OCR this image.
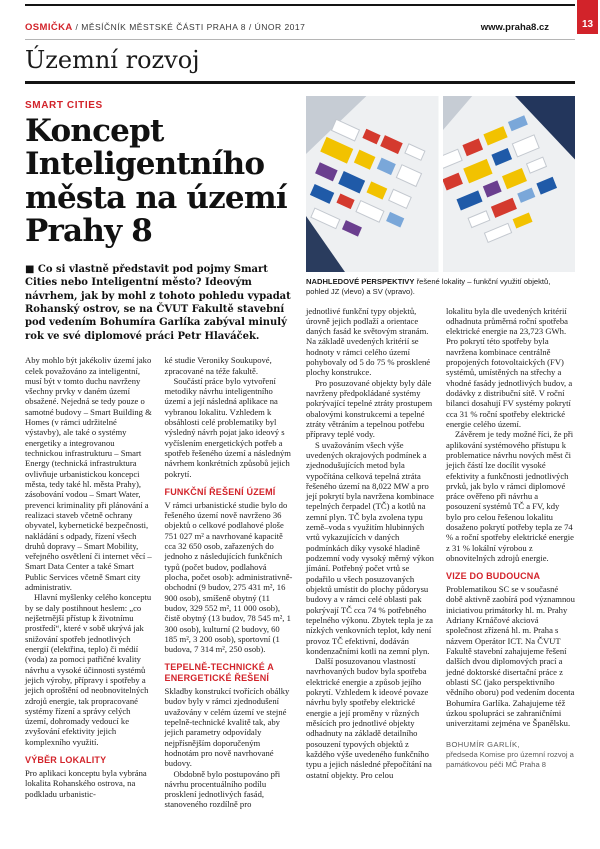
13
OSMIČKA / MĚSÍČNÍK MĚSTSKÉ ČÁSTI PRAHA 8 / ÚNOR 2017	www.praha8.cz
Územní rozvoj
SMART CITIES
Koncept Inteligentního města na území Prahy 8

■ Co si vlastně představit pod pojmy Smart Cities nebo Inteligentní město? Ideovým návrhem, jak by mohl z tohoto pohledu vypadat Rohanský ostrov, se na ČVUT Fakultě stavební pod vedením Bohumíra Garlíka zabýval minulý rok ve své diplomové práci Petr Hlaváček.

Aby mohlo být jakékoliv území jako celek považováno za inteligentní, musí být v tomto duchu navrženy všechny prvky v daném území obsažené. Nejedná se tedy pouze o samotné budovy – Smart Building & Homes (v rámci udržitelné výstavby), ale také o systémy energetiky a integrovanou technickou infrastrukturu – Smart Energy (technická infrastruktura ovlivňuje urbanistickou koncepci města, tedy také hl. města Prahy), zásobování vodou – Smart Water, prevenci kriminality při plánování a realizaci staveb včetně ochrany obyvatel, kybernetické bezpečnosti, nakládání s odpady, řízení všech druhů dopravy – Smart Mobility, veřejného osvětlení či internet věcí – Smart Data Center a také Smart Public Services včetně Smart city administrativ.

Hlavní myšlenky celého konceptu by se daly postihnout heslem: „co nejšetrnější přístup k životnímu prostředí“, které v sobě ukrývá jak snižování spotřeb jednotlivých energií (elektřina, teplo) či médií (voda) za pomoci patřičné kvality návrhu a vysoké účinnosti systémů jejich výroby, přípravy i spotřeby a jejich oproštění od neobnovitelných zdrojů energie, tak propracované systémy řízení a správy celých území, dohromady vedoucí ke zvyšování efektivity jejich komplexního využití.

VÝBĚR LOKALITY

Pro aplikaci konceptu byla vybrána lokalita Rohanského ostrova, na podkladu urbanistic-

ké studie Veroniky Soukupové, zpracované na téže fakultě.

Součástí práce bylo vytvoření metodiky návrhu inteligentního území a její následná aplikace na vybranou lokalitu. Vzhledem k obsáhlosti celé problematiky byl výsledný návrh pojat jako ideový s vyčíslením energetických potřeb a spotřeb řešeného území a následným návrhem konkrétních způsobů jejich pokrytí.

FUNKČNÍ ŘEŠENÍ ÚZEMÍ

V rámci urbanistické studie bylo do řešeného území nově navrženo 36 objektů o celkové podlahové ploše 751 027 m² a navrhované kapacitě cca 32 650 osob, zařazených do jednoho z následujících funkčních typů (počet budov, podlahová plocha, počet osob): administrativně-obchodní (9 budov, 275 431 m², 16 900 osob), smíšeně obytný (11 budov, 329 552 m², 11 000 osob), čistě obytný (13 budov, 78 545 m², 1 300 osob), kulturní (2 budovy, 60 185 m², 3 200 osob), sportovní (1 budova, 7 314 m², 250 osob).

TEPELNĚ-TECHNICKÉ A ENERGETICKÉ ŘEŠENÍ

Skladby konstrukcí tvořících obálky budov byly v rámci zjednodušení uvažovány v celém území ve stejné tepelně-technické kvalitě tak, aby jejich parametry odpovídaly nejpřísnějším doporučeným hodnotám pro nově navrhované budovy.

Obdobně bylo postupováno při návrhu procentuálního podílu prosklení jednotlivých fasád, stanoveného rozdílně pro

NADHLEDOVÉ PERSPEKTIVY řešené lokality – funkční využití objektů, pohled JZ (vlevo) a SV (vpravo).

jednotlivé funkční typy objektů, úrovně jejich podlaží a orientace daných fasád ke světovým stranám. Na základě uvedených kritérií se hodnoty v rámci celého území pohybovaly od 5 do 75 % prosklené plochy konstrukce.

Pro posuzované objekty byly dále navrženy předpokládané systémy pokrývající tepelné ztráty prostupem obalovými konstrukcemi a tepelné ztráty větráním a tepelnou potřebu přípravy teplé vody.

S uvažováním všech výše uvedených okrajových podmínek a zjednodušujících metod byla vypočítána celková tepelná ztráta řešeného území na 8,022 MW a pro její pokrytí byla navržena kombinace tepelných čerpadel (TČ) a kotlů na zemní plyn. TČ byla zvolena typu země–voda s využitím hlubinných vrtů vykazujících v daných podmínkách díky vysoké hladině podzemní vody vysoký měrný výkon jímání. Potřebný počet vrtů se podařilo u všech posuzovaných objektů umístit do plochy půdorysu budovy a v rámci celé oblasti pak pokrývají TČ cca 74 % potřebného tepelného výkonu. Zbytek tepla je za nízkých venkovních teplot, kdy není provoz TČ efektivní, dodáván kondenzačními kotli na zemní plyn.

Další posuzovanou vlastností navrhovaných budov byla spotřeba elektrické energie a způsob jejího pokrytí. Vzhledem k ideové povaze návrhu byly spotřeby elektrické energie a její proměny v různých měsících pro jednotlivé objekty odhadnuty na základě detailního posouzení typových objektů z každého výše uvedeného funkčního typu a jejich následné přepočítání na ostatní objekty. Pro celou

lokalitu byla dle uvedených kritérií odhadnuta průměrná roční spotřeba elektrické energie na 23,723 GWh. Pro pokrytí této spotřeby byla navržena kombinace centrálně propojených fotovoltaických (FV) systémů, umístěných na střechy a vhodné fasády jednotlivých budov, a dodávky z distribuční sítě. V roční bilanci dosahují FV systémy pokrytí cca 31 % roční spotřeby elektrické energie celého území.

Závěrem je tedy možné říci, že při aplikování systémového přístupu k problematice návrhu nových měst či jejich částí lze docílit vysoké efektivity a funkčnosti jednotlivých prvků, jak bylo v rámci diplomové práce ověřeno při návrhu a posouzení systémů TČ a FV, kdy bylo pro celou řešenou lokalitu dosaženo pokrytí potřeby tepla ze 74 % a roční spotřeby elektrické energie z 31 % lokální výrobou z obnovitelných zdrojů energie.

VIZE DO BUDOUCNA

Problematikou SC se v současné době aktivně zaobírá pod významnou iniciativou primátorky hl. m. Prahy Adriany Krnáčové akciová společnost zřízená hl. m. Praha s názvem Operátor ICT. Na ČVUT Fakultě stavební zahajujeme řešení dalších dvou diplomových prací a jedné doktorské disertační práce z oblasti SC (jako perspektivního vědního oboru) pod vedením docenta Bohumíra Garlíka. Zahajujeme též úzkou spolupráci se zahraničními univerzitami zejména ve Španělsku.

BOHUMÍR GARLÍK,
předseda Komise pro územní rozvoj a památkovou péči MČ Praha 8
